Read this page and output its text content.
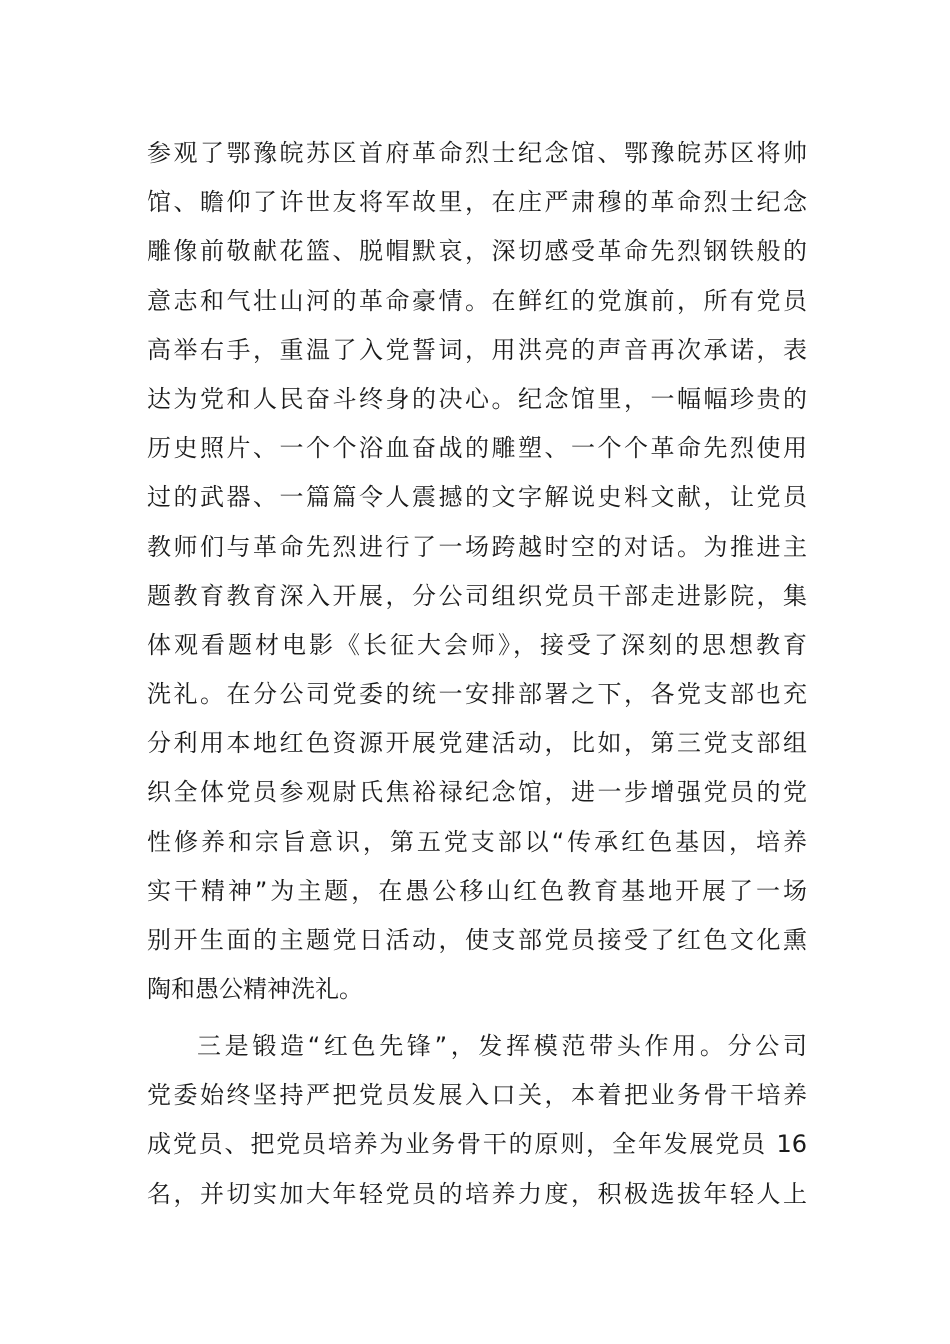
参观了鄂豫皖苏区首府革命烈士纪念馆、鄂豫皖苏区将帅
馆、瞻仰了许世友将军故里，在庄严肃穆的革命烈士纪念
雕像前敬献花篮、脱帽默哀，深切感受革命先烈钢铁般的
意志和气壮山河的革命豪情。在鲜红的党旗前，所有党员
高举右手，重温了入党誓词，用洪亮的声音再次承诺，表
达为党和人民奋斗终身的决心。纪念馆里，一幅幅珍贵的
历史照片、一个个浴血奋战的雕塑、一个个革命先烈使用
过的武器、一篇篇令人震撼的文字解说史料文献，让党员
教师们与革命先烈进行了一场跨越时空的对话。为推进主
题教育教育深入开展，分公司组织党员干部走进影院，集
体观看题材电影《长征大会师》，接受了深刻的思想教育
洗礼。在分公司党委的统一安排部署之下，各党支部也充
分利用本地红色资源开展党建活动，比如，第三党支部组
织全体党员参观尉氏焦裕禄纪念馆，进一步增强党员的党
性修养和宗旨意识，第五党支部以“传承红色基因，培养
实干精神”为主题，在愚公移山红色教育基地开展了一场
别开生面的主题党日活动，使支部党员接受了红色文化熏
陶和愚公精神洗礼。
三是锻造“红色先锋”，发挥模范带头作用。分公司
党委始终坚持严把党员发展入口关，本着把业务骨干培养
成党员、把党员培养为业务骨干的原则，全年发展党员 16
名，并切实加大年轻党员的培养力度，积极选拔年轻人上
